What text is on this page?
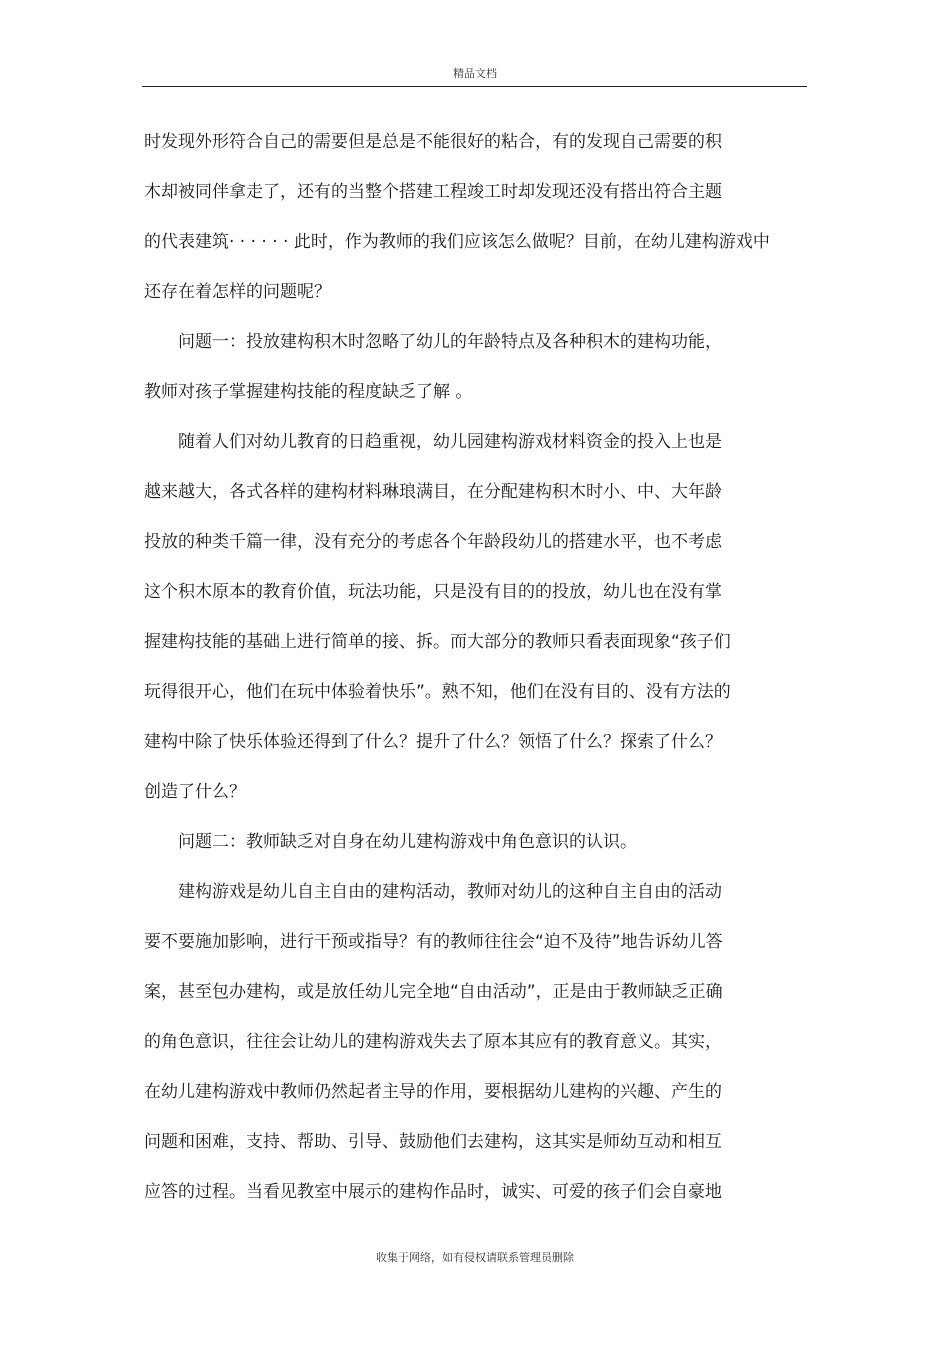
精品文档
时发现外形符合自己的需要但是总是不能很好的粘合，有的发现自己需要的积
木却被同伴拿走了，还有的当整个搭建工程竣工时却发现还没有搭出符合主题
的代表建筑· · · · · · 此时，作为教师的我们应该怎么做呢？目前，在幼儿建构游戏中
还存在着怎样的问题呢？
问题一：投放建构积木时忽略了幼儿的年龄特点及各种积木的建构功能，
教师对孩子掌握建构技能的程度缺乏了解 。
随着人们对幼儿教育的日趋重视，幼儿园建构游戏材料资金的投入上也是
越来越大，各式各样的建构材料琳琅满目，在分配建构积木时小、中、大年龄
投放的种类千篇一律，没有充分的考虑各个年龄段幼儿的搭建水平，也不考虑
这个积木原本的教育价值，玩法功能，只是没有目的的投放，幼儿也在没有掌
握建构技能的基础上进行简单的接、拆。而大部分的教师只看表面现象“孩子们
玩得很开心，他们在玩中体验着快乐”。熟不知，他们在没有目的、没有方法的
建构中除了快乐体验还得到了什么？提升了什么？领悟了什么？探索了什么？
创造了什么？
问题二：教师缺乏对自身在幼儿建构游戏中角色意识的认识。
建构游戏是幼儿自主自由的建构活动，教师对幼儿的这种自主自由的活动
要不要施加影响，进行干预或指导？有的教师往往会“迫不及待”地告诉幼儿答
案，甚至包办建构，或是放任幼儿完全地“自由活动”，正是由于教师缺乏正确
的角色意识，往往会让幼儿的建构游戏失去了原本其应有的教育意义。其实，
在幼儿建构游戏中教师仍然起者主导的作用，要根据幼儿建构的兴趣、产生的
问题和困难，支持、帮助、引导、鼓励他们去建构，这其实是师幼互动和相互
应答的过程。当看见教室中展示的建构作品时，诚实、可爱的孩子们会自豪地
收集于网络，如有侵权请联系管理员删除
